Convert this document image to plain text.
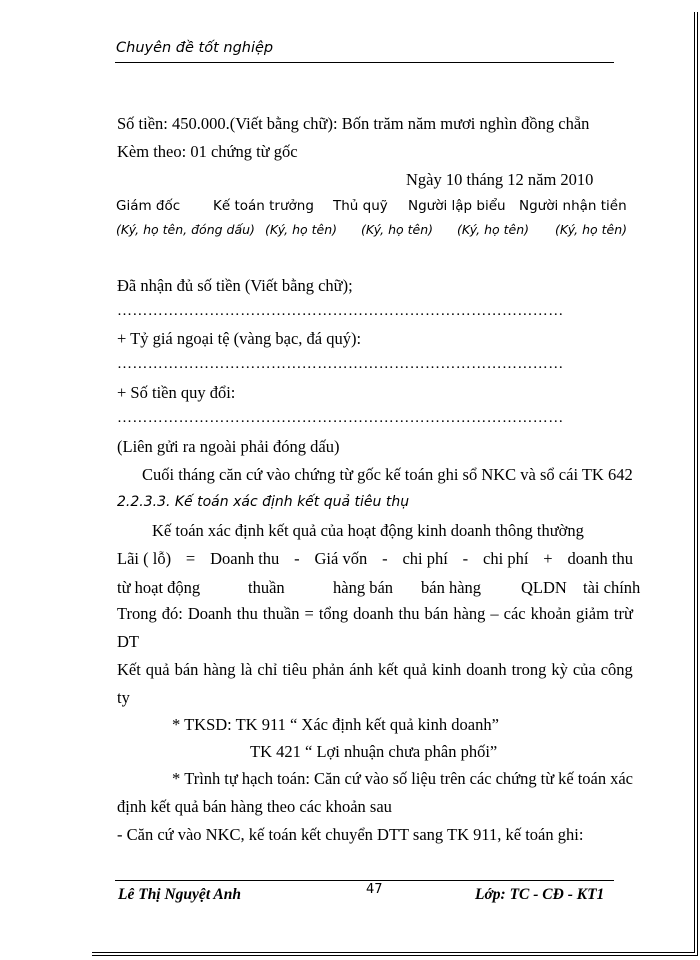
Chuyên đề tốt nghiệp
Số tiền: 450.000.(Viết bằng chữ): Bốn trăm năm mươi nghìn đồng chẵn
Kèm theo: 01 chứng từ gốc
Ngày 10 tháng 12 năm 2010
Giám đốc Kế toán trưởng Thủ quỹ Người lập biểu Người nhận tiền
(Ký, họ tên, đóng dấu) (Ký, họ tên) (Ký, họ tên) (Ký, họ tên) (Ký, họ tên)
Đã nhận đủ số tiền (Viết bằng chữ);
……………………………………………………………………………
+ Tỷ giá ngoại tệ (vàng bạc, đá quý):
……………………………………………………………………………
+ Số tiền quy đổi:
……………………………………………………………………………
(Liên gửi ra ngoài phải đóng dấu)
Cuối tháng căn cứ vào chứng từ gốc kế toán ghi sổ NKC và sổ cái TK 642
2.2.3.3. Kế toán xác định kết quả tiêu thụ
Kế toán xác định kết quả của hoạt động kinh doanh thông thường
Lãi ( lỗ) = Doanh thu - Giá vốn - chi phí - chi phí + doanh thu
từ hoạt động	thuần	hàng bán bán hàng QLDN tài chính
Trong đó: Doanh thu thuần = tổng doanh thu bán hàng – các khoản giảm trừ
DT
Kết quả bán hàng là chỉ tiêu phản ánh kết quả kinh doanh trong kỳ của công
ty
* TKSD: TK 911 “ Xác định kết quả kinh doanh”
TK 421 “ Lợi nhuận chưa phân phối”
* Trình tự hạch toán: Căn cứ vào số liệu trên các chứng từ kế toán xác
định kết quả bán hàng theo các khoản sau
- Căn cứ vào NKC, kế toán kết chuyển DTT sang TK 911, kế toán ghi:
Lê Thị Nguyệt Anh	47	Lớp: TC - CĐ - KT1
